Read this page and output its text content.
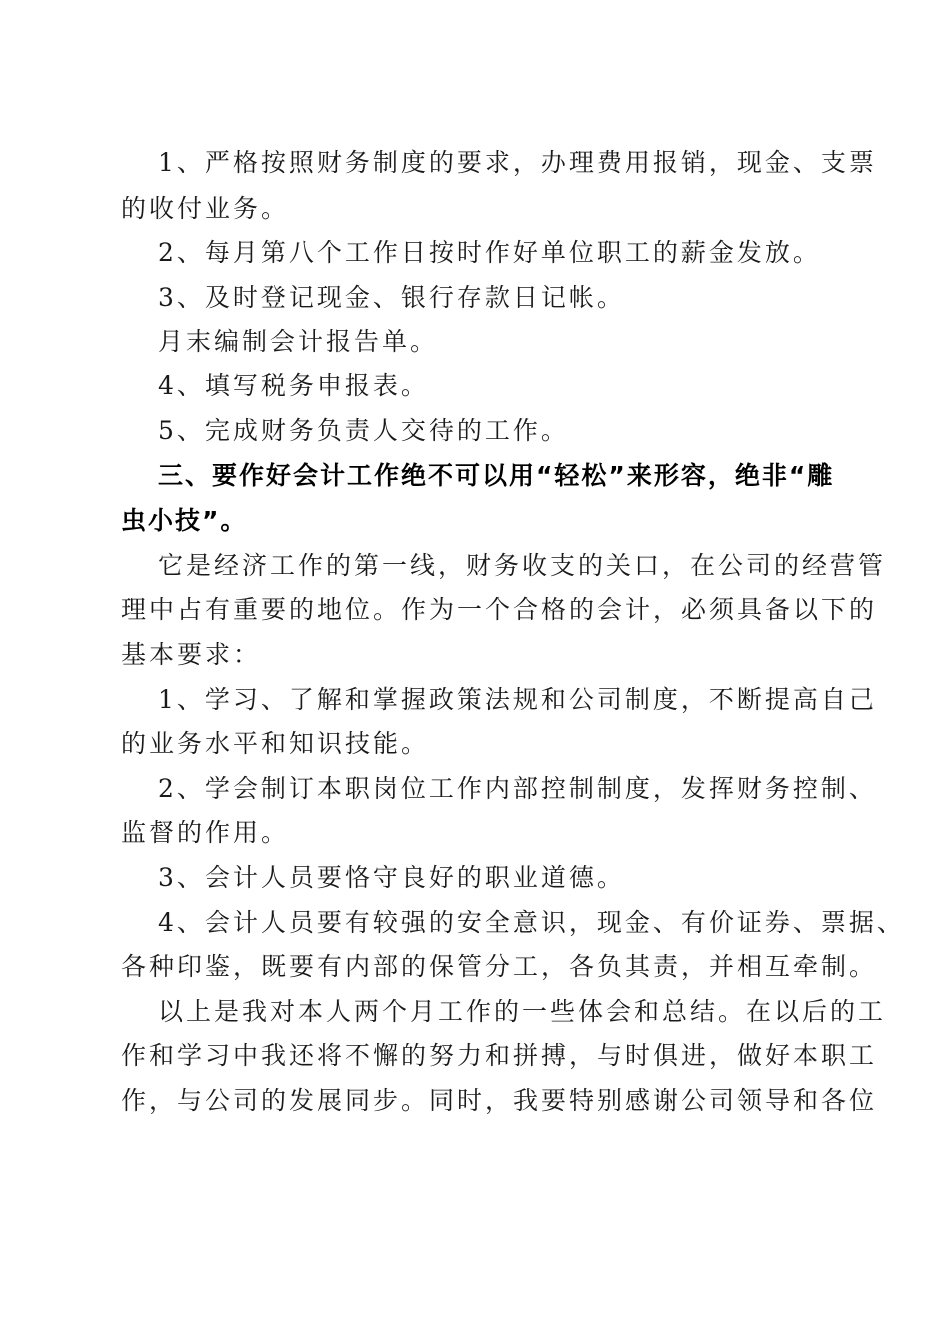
1、严格按照财务制度的要求，办理费用报销，现金、支票
的收付业务。
2、每月第八个工作日按时作好单位职工的薪金发放。
3、及时登记现金、银行存款日记帐。
月末编制会计报告单。
4、填写税务申报表。
5、完成财务负责人交待的工作。
三、要作好会计工作绝不可以用“轻松”来形容，绝非“雕
虫小技”。
它是经济工作的第一线，财务收支的关口，在公司的经营管
理中占有重要的地位。作为一个合格的会计，必须具备以下的
基本要求：
1、学习、了解和掌握政策法规和公司制度，不断提高自己
的业务水平和知识技能。
2、学会制订本职岗位工作内部控制制度，发挥财务控制、
监督的作用。
3、会计人员要恪守良好的职业道德。
4、会计人员要有较强的安全意识，现金、有价证券、票据、
各种印鉴，既要有内部的保管分工，各负其责，并相互牵制。
以上是我对本人两个月工作的一些体会和总结。在以后的工
作和学习中我还将不懈的努力和拼搏，与时俱进，做好本职工
作，与公司的发展同步。同时，我要特别感谢公司领导和各位
